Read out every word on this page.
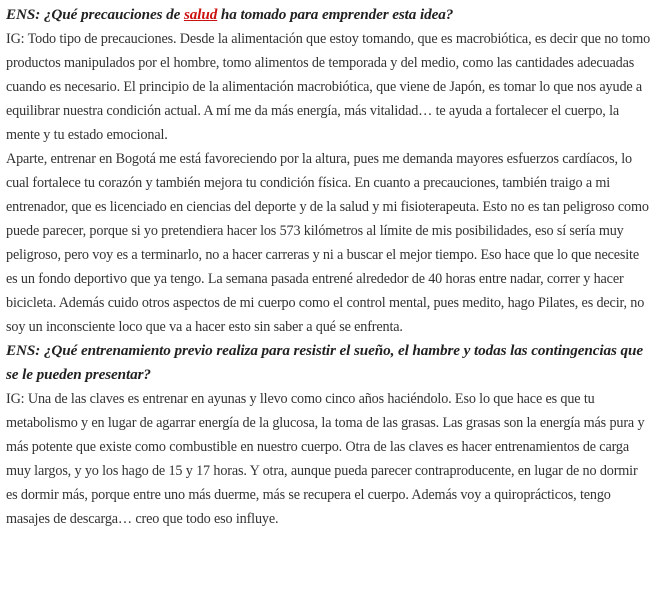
ENS: ¿Qué precauciones de salud ha tomado para emprender esta idea?

IG: Todo tipo de precauciones. Desde la alimentación que estoy tomando, que es macrobiótica, es decir que no tomo productos manipulados por el hombre, tomo alimentos de temporada y del medio, como las cantidades adecuadas cuando es necesario. El principio de la alimentación macrobiótica, que viene de Japón, es tomar lo que nos ayude a equilibrar nuestra condición actual. A mí me da más energía, más vitalidad… te ayuda a fortalecer el cuerpo, la mente y tu estado emocional.

Aparte, entrenar en Bogotá me está favoreciendo por la altura, pues me demanda mayores esfuerzos cardíacos, lo cual fortalece tu corazón y también mejora tu condición física. En cuanto a precauciones, también traigo a mi entrenador, que es licenciado en ciencias del deporte y de la salud y mi fisioterapeuta. Esto no es tan peligroso como puede parecer, porque si yo pretendiera hacer los 573 kilómetros al límite de mis posibilidades, eso sí sería muy peligroso, pero voy es a terminarlo, no a hacer carreras y ni a buscar el mejor tiempo. Eso hace que lo que necesite es un fondo deportivo que ya tengo. La semana pasada entrené alrededor de 40 horas entre nadar, correr y hacer bicicleta. Además cuido otros aspectos de mi cuerpo como el control mental, pues medito, hago Pilates, es decir, no soy un inconsciente loco que va a hacer esto sin saber a qué se enfrenta.

ENS: ¿Qué entrenamiento previo realiza para resistir el sueño, el hambre y todas las contingencias que se le pueden presentar?

IG: Una de las claves es entrenar en ayunas y llevo como cinco años haciéndolo. Eso lo que hace es que tu metabolismo y en lugar de agarrar energía de la glucosa, la toma de las grasas. Las grasas son la energía más pura y más potente que existe como combustible en nuestro cuerpo. Otra de las claves es hacer entrenamientos de carga muy largos, y yo los hago de 15 y 17 horas. Y otra, aunque pueda parecer contraproducente, en lugar de no dormir es dormir más, porque entre uno más duerme, más se recupera el cuerpo. Además voy a quiroprácticos, tengo masajes de descarga… creo que todo eso influye.
